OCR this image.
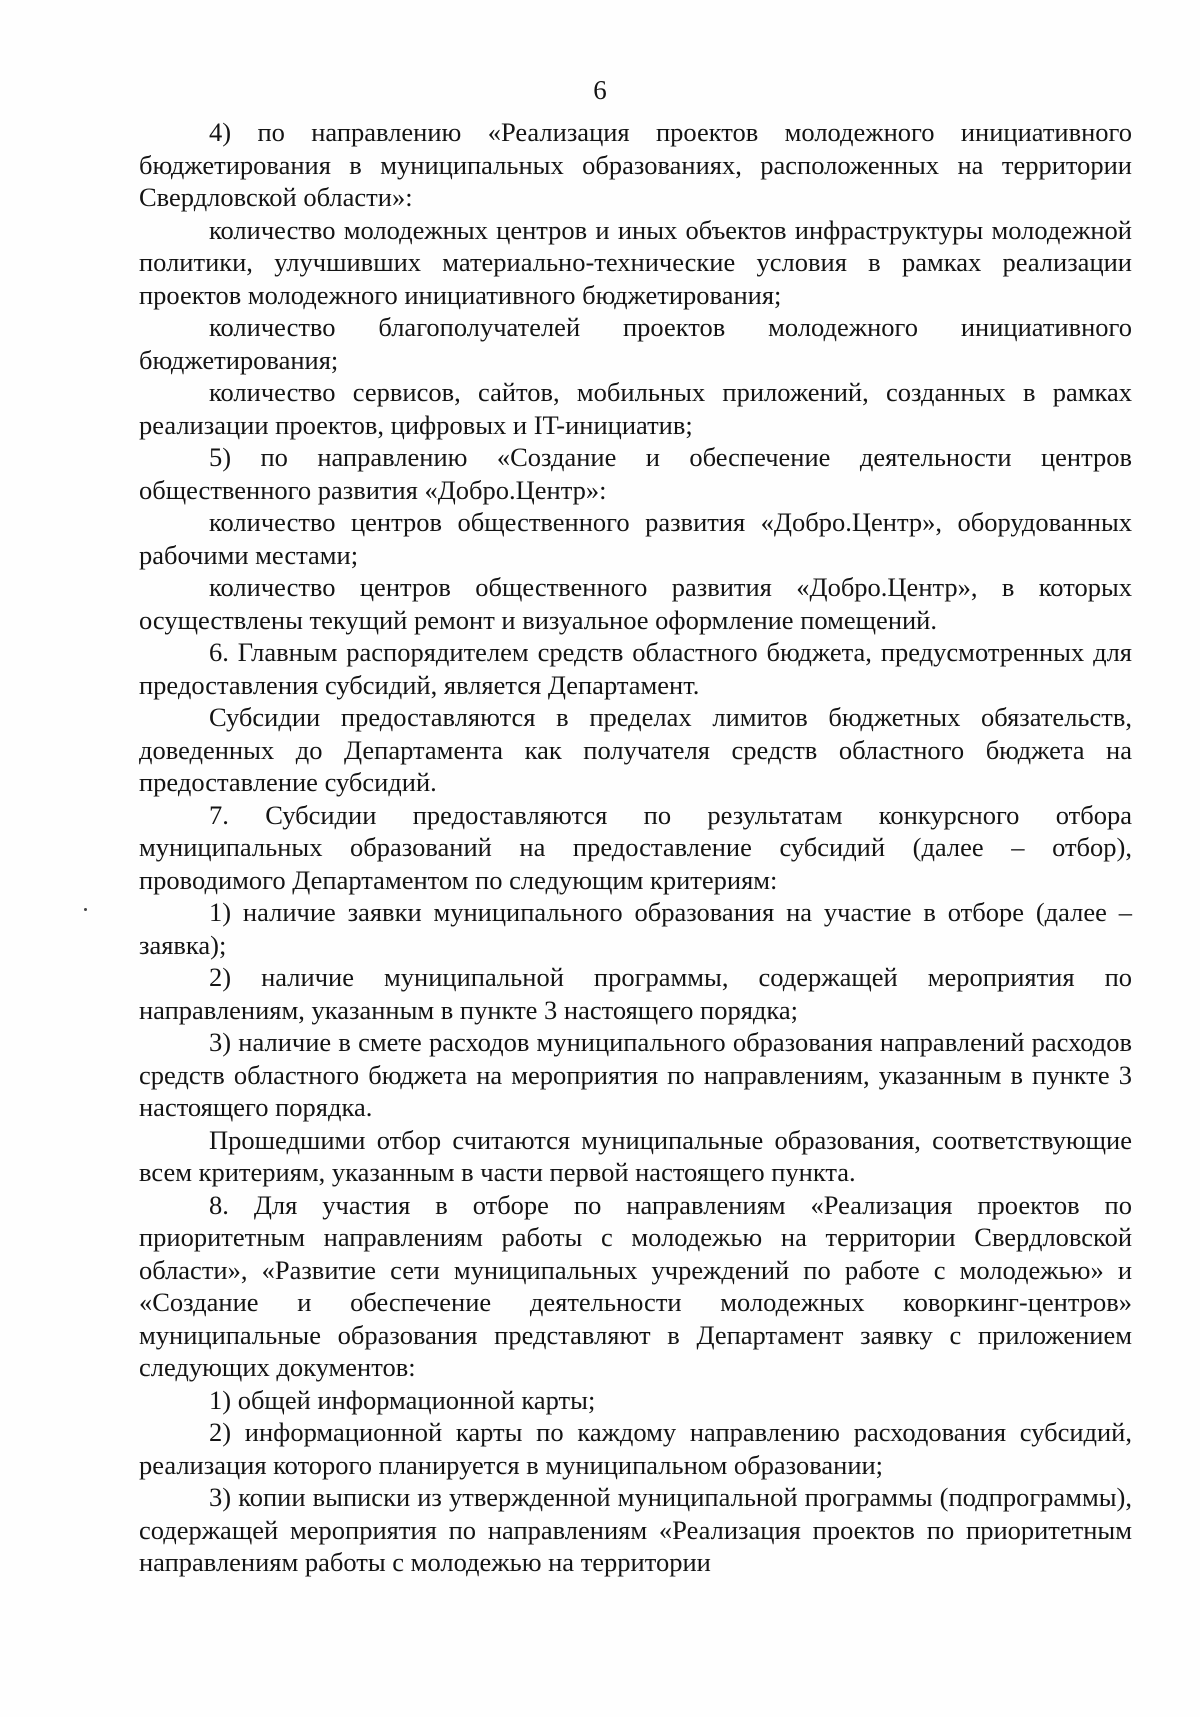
6

4) по направлению «Реализация проектов молодежного инициативного бюджетирования в муниципальных образованиях, расположенных на территории Свердловской области»:

количество молодежных центров и иных объектов инфраструктуры молодежной политики, улучшивших материально-технические условия в рамках реализации проектов молодежного инициативного бюджетирования;

количество благополучателей проектов молодежного инициативного бюджетирования;

количество сервисов, сайтов, мобильных приложений, созданных в рамках реализации проектов, цифровых и IT-инициатив;

5) по направлению «Создание и обеспечение деятельности центров общественного развития «Добро.Центр»:

количество центров общественного развития «Добро.Центр», оборудованных рабочими местами;

количество центров общественного развития «Добро.Центр», в которых осуществлены текущий ремонт и визуальное оформление помещений.

6. Главным распорядителем средств областного бюджета, предусмотренных для предоставления субсидий, является Департамент.

Субсидии предоставляются в пределах лимитов бюджетных обязательств, доведенных до Департамента как получателя средств областного бюджета на предоставление субсидий.

7. Субсидии предоставляются по результатам конкурсного отбора муниципальных образований на предоставление субсидий (далее – отбор), проводимого Департаментом по следующим критериям:

1) наличие заявки муниципального образования на участие в отборе (далее – заявка);

2) наличие муниципальной программы, содержащей мероприятия по направлениям, указанным в пункте 3 настоящего порядка;

3) наличие в смете расходов муниципального образования направлений расходов средств областного бюджета на мероприятия по направлениям, указанным в пункте 3 настоящего порядка.

Прошедшими отбор считаются муниципальные образования, соответствующие всем критериям, указанным в части первой настоящего пункта.

8. Для участия в отборе по направлениям «Реализация проектов по приоритетным направлениям работы с молодежью на территории Свердловской области», «Развитие сети муниципальных учреждений по работе с молодежью» и «Создание и обеспечение деятельности молодежных коворкинг-центров» муниципальные образования представляют в Департамент заявку с приложением следующих документов:

1) общей информационной карты;

2) информационной карты по каждому направлению расходования субсидий, реализация которого планируется в муниципальном образовании;

3) копии выписки из утвержденной муниципальной программы (подпрограммы), содержащей мероприятия по направлениям «Реализация проектов по приоритетным направлениям работы с молодежью на территории
